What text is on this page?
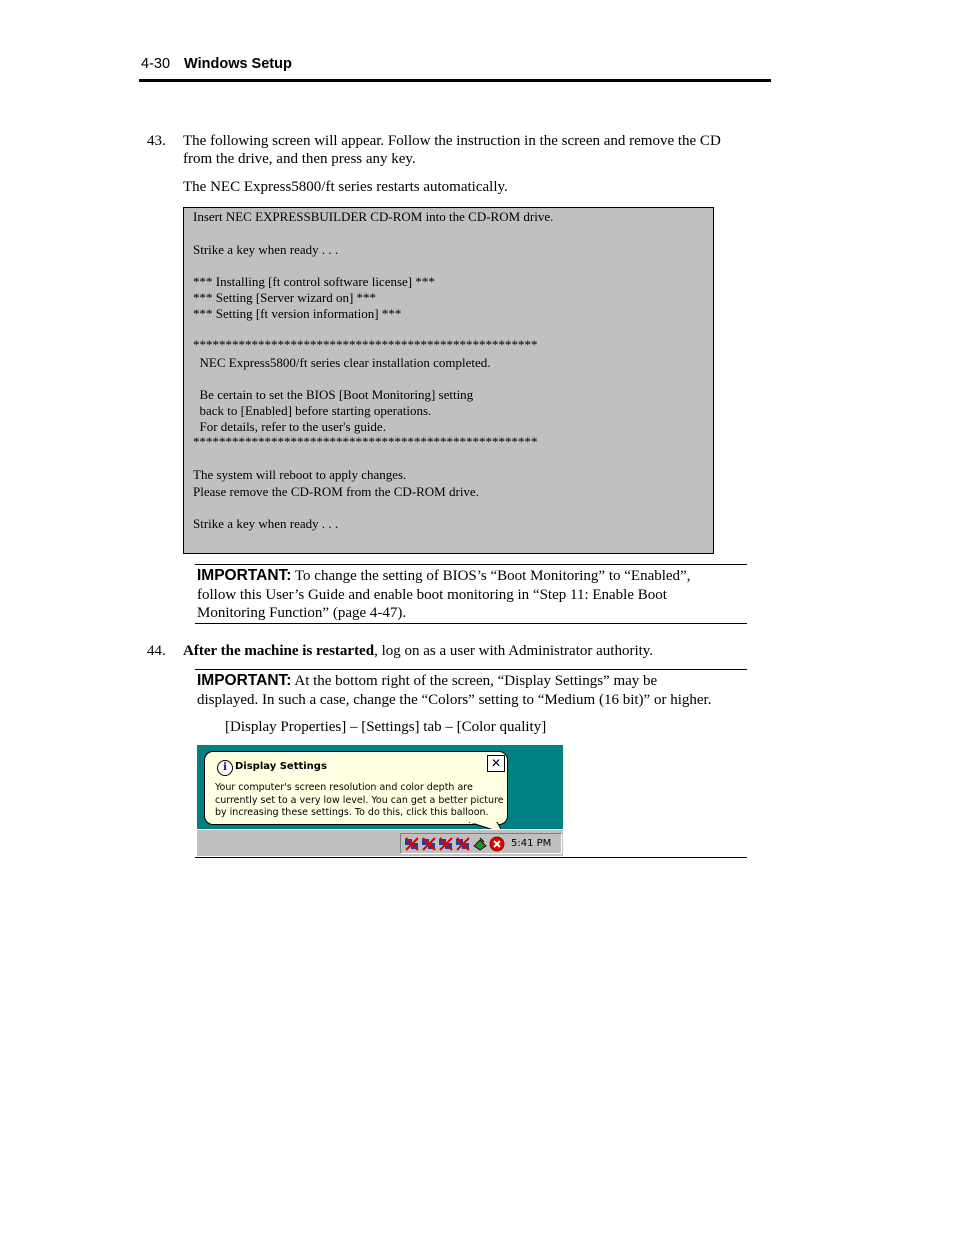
4-30 Windows Setup
43. The following screen will appear. Follow the instruction in the screen and remove the CD
from the drive, and then press any key.
The NEC Express5800/ft series restarts automatically.
Insert NEC EXPRESSBUILDER CD-ROM into the CD-ROM drive.
Strike a key when ready . . .
*** Installing [ft control software license] ***
*** Setting [Server wizard on] ***
*** Setting [ft version information] ***
*****************************************************
NEC Express5800/ft series clear installation completed.
Be certain to set the BIOS [Boot Monitoring] setting
back to [Enabled] before starting operations.
For details, refer to the user's guide.
*****************************************************
The system will reboot to apply changes.
Please remove the CD-ROM from the CD-ROM drive.
Strike a key when ready . . .
IMPORTANT: To change the setting of BIOS’s “Boot Monitoring” to “Enabled”,
follow this User’s Guide and enable boot monitoring in “Step 11: Enable Boot
Monitoring Function” (page 4-47).
44. After the machine is restarted, log on as a user with Administrator authority.
IMPORTANT: At the bottom right of the screen, “Display Settings” may be
displayed. In such a case, change the “Colors” setting to “Medium (16 bit)” or higher.
[Display Properties] – [Settings] tab – [Color quality]
i Display Settings	✕
Your computer's screen resolution and color depth are
currently set to a very low level. You can get a better picture
by increasing these settings. To do this, click this balloon.
5:41 PM
